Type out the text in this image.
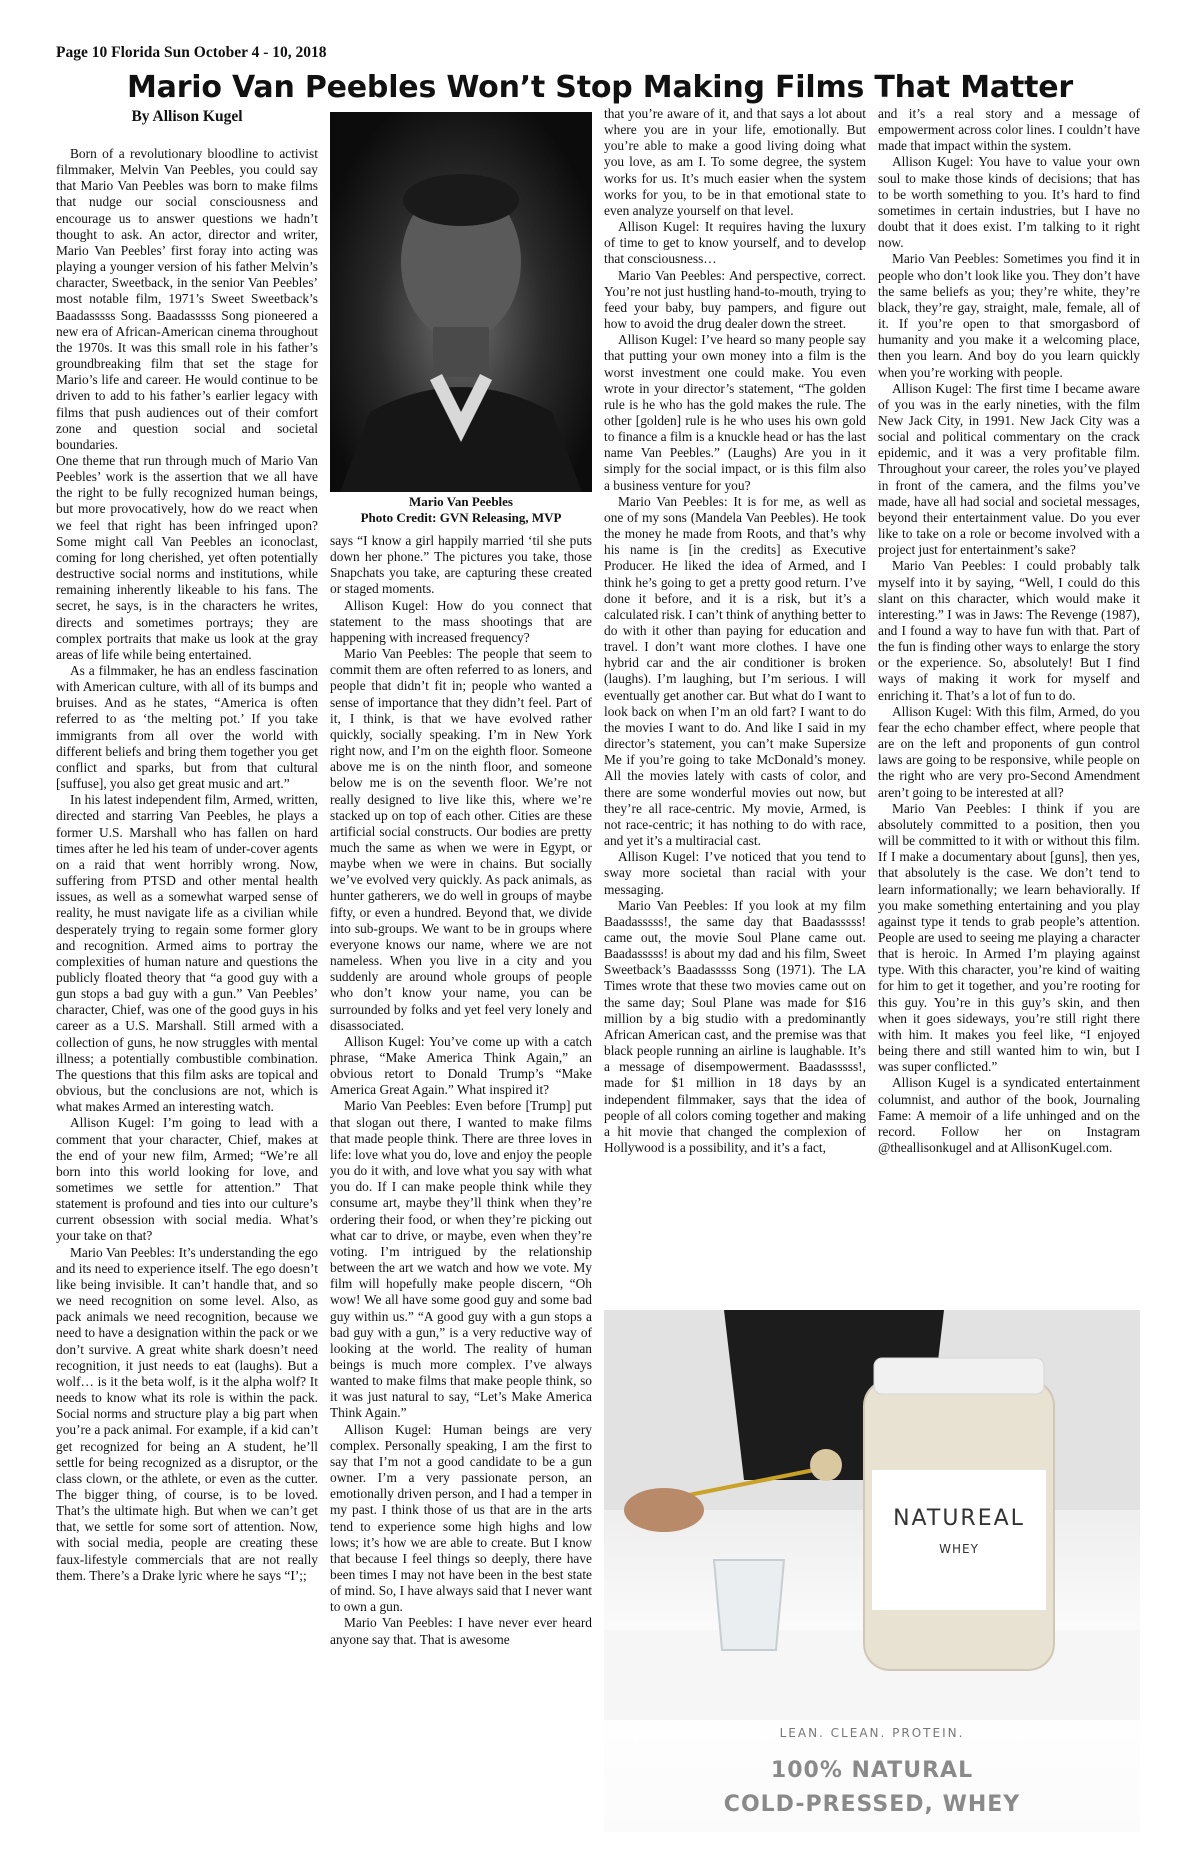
Page 10 Florida Sun October 4 - 10, 2018
Mario Van Peebles Won’t Stop Making Films That Matter
By Allison Kugel

Born of a revolutionary bloodline to activist filmmaker, Melvin Van Peebles, you could say that Mario Van Peebles was born to make films that nudge our social consciousness and encourage us to answer questions we hadn’t thought to ask. An actor, director and writer, Mario Van Peebles’ first foray into acting was playing a younger version of his father Melvin’s character, Sweetback, in the senior Van Peebles’ most notable film, 1971’s Sweet Sweetback’s Baadasssss Song. Baadasssss Song pioneered a new era of African-American cinema throughout the 1970s. It was this small role in his father’s groundbreaking film that set the stage for Mario’s life and career. He would continue to be driven to add to his father’s earlier legacy with films that push audiences out of their comfort zone and question social and societal boundaries.

One theme that run through much of Mario Van Peebles’ work is the assertion that we all have the right to be fully recognized human beings, but more provocatively, how do we react when we feel that right has been infringed upon? Some might call Van Peebles an iconoclast, coming for long cherished, yet often potentially destructive social norms and institutions, while remaining inherently likeable to his fans. The secret, he says, is in the characters he writes, directs and sometimes portrays; they are complex portraits that make us look at the gray areas of life while being entertained.

As a filmmaker, he has an endless fascination with American culture, with all of its bumps and bruises. And as he states, “America is often referred to as ‘the melting pot.’ If you take immigrants from all over the world with different beliefs and bring them together you get conflict and sparks, but from that cultural [suffuse], you also get great music and art.”

In his latest independent film, Armed, written, directed and starring Van Peebles, he plays a former U.S. Marshall who has fallen on hard times after he led his team of under-cover agents on a raid that went horribly wrong. Now, suffering from PTSD and other mental health issues, as well as a somewhat warped sense of reality, he must navigate life as a civilian while desperately trying to regain some former glory and recognition. Armed aims to portray the complexities of human nature and questions the publicly floated theory that “a good guy with a gun stops a bad guy with a gun.” Van Peebles’ character, Chief, was one of the good guys in his career as a U.S. Marshall. Still armed with a collection of guns, he now struggles with mental illness; a potentially combustible combination. The questions that this film asks are topical and obvious, but the conclusions are not, which is what makes Armed an interesting watch.

Allison Kugel: I’m going to lead with a comment that your character, Chief, makes at the end of your new film, Armed; “We’re all born into this world looking for love, and sometimes we settle for attention.” That statement is profound and ties into our culture’s current obsession with social media. What’s your take on that?

Mario Van Peebles: It’s understanding the ego and its need to experience itself. The ego doesn’t like being invisible. It can’t handle that, and so we need recognition on some level. Also, as pack animals we need recognition, because we need to have a designation within the pack or we don’t survive. A great white shark doesn’t need recognition, it just needs to eat (laughs). But a wolf… is it the beta wolf, is it the alpha wolf? It needs to know what its role is within the pack. Social norms and structure play a big part when you’re a pack animal. For example, if a kid can’t get recognized for being an A student, he’ll settle for being recognized as a disruptor, or the class clown, or the athlete, or even as the cutter. The bigger thing, of course, is to be loved. That’s the ultimate high. But when we can’t get that, we settle for some sort of attention. Now, with social media, people are creating these faux-lifestyle commercials that are not really them. There’s a Drake lyric where he says “I’;;

Mario Van Peebles
Photo Credit: GVN Releasing, MVP

says “I know a girl happily married ‘til she puts down her phone.” The pictures you take, those Snapchats you take, are capturing these created or staged moments.

Allison Kugel: How do you connect that statement to the mass shootings that are happening with increased frequency?

Mario Van Peebles: The people that seem to commit them are often referred to as loners, and people that didn’t fit in; people who wanted a sense of importance that they didn’t feel. Part of it, I think, is that we have evolved rather quickly, socially speaking. I’m in New York right now, and I’m on the eighth floor. Someone above me is on the ninth floor, and someone below me is on the seventh floor. We’re not really designed to live like this, where we’re stacked up on top of each other. Cities are these artificial social constructs. Our bodies are pretty much the same as when we were in Egypt, or maybe when we were in chains. But socially we’ve evolved very quickly. As pack animals, as hunter gatherers, we do well in groups of maybe fifty, or even a hundred. Beyond that, we divide into sub-groups. We want to be in groups where everyone knows our name, where we are not nameless. When you live in a city and you suddenly are around whole groups of people who don’t know your name, you can be surrounded by folks and yet feel very lonely and disassociated.

Allison Kugel: You’ve come up with a catch phrase, “Make America Think Again,” an obvious retort to Donald Trump’s “Make America Great Again.” What inspired it?

Mario Van Peebles: Even before [Trump] put that slogan out there, I wanted to make films that made people think. There are three loves in life: love what you do, love and enjoy the people you do it with, and love what you say with what you do. If I can make people think while they consume art, maybe they’ll think when they’re ordering their food, or when they’re picking out what car to drive, or maybe, even when they’re voting. I’m intrigued by the relationship between the art we watch and how we vote. My film will hopefully make people discern, “Oh wow! We all have some good guy and some bad guy within us.” “A good guy with a gun stops a bad guy with a gun,” is a very reductive way of looking at the world. The reality of human beings is much more complex. I’ve always wanted to make films that make people think, so it was just natural to say, “Let’s Make America Think Again.”

Allison Kugel: Human beings are very complex. Personally speaking, I am the first to say that I’m not a good candidate to be a gun owner. I’m a very passionate person, an emotionally driven person, and I had a temper in my past. I think those of us that are in the arts tend to experience some high highs and low lows; it’s how we are able to create. But I know that because I feel things so deeply, there have been times I may not have been in the best state of mind. So, I have always said that I never want to own a gun.

Mario Van Peebles: I have never ever heard anyone say that. That is awesome

that you’re aware of it, and that says a lot about where you are in your life, emotionally. But you’re able to make a good living doing what you love, as am I. To some degree, the system works for us. It’s much easier when the system works for you, to be in that emotional state to even analyze yourself on that level.

Allison Kugel: It requires having the luxury of time to get to know yourself, and to develop that consciousness…

Mario Van Peebles: And perspective, correct. You’re not just hustling hand-to-mouth, trying to feed your baby, buy pampers, and figure out how to avoid the drug dealer down the street.

Allison Kugel: I’ve heard so many people say that putting your own money into a film is the worst investment one could make. You even wrote in your director’s statement, “The golden rule is he who has the gold makes the rule. The other [golden] rule is he who uses his own gold to finance a film is a knuckle head or has the last name Van Peebles.” (Laughs) Are you in it simply for the social impact, or is this film also a business venture for you?

Mario Van Peebles: It is for me, as well as one of my sons (Mandela Van Peebles). He took the money he made from Roots, and that’s why his name is [in the credits] as Executive Producer. He liked the idea of Armed, and I think he’s going to get a pretty good return. I’ve done it before, and it is a risk, but it’s a calculated risk. I can’t think of anything better to do with it other than paying for education and travel. I don’t want more clothes. I have one hybrid car and the air conditioner is broken (laughs). I’m laughing, but I’m serious. I will eventually get another car. But what do I want to look back on when I’m an old fart? I want to do the movies I want to do. And like I said in my director’s statement, you can’t make Supersize Me if you’re going to take McDonald’s money. All the movies lately with casts of color, and there are some wonderful movies out now, but they’re all race-centric. My movie, Armed, is not race-centric; it has nothing to do with race, and yet it’s a multiracial cast.

Allison Kugel: I’ve noticed that you tend to sway more societal than racial with your messaging.

Mario Van Peebles: If you look at my film Baadasssss!, the same day that Baadasssss! came out, the movie Soul Plane came out. Baadasssss! is about my dad and his film, Sweet Sweetback’s Baadasssss Song (1971). The LA Times wrote that these two movies came out on the same day; Soul Plane was made for $16 million by a big studio with a predominantly African American cast, and the premise was that black people running an airline is laughable. It’s a message of disempowerment. Baadasssss!, made for $1 million in 18 days by an independent filmmaker, says that the idea of people of all colors coming together and making a hit movie that changed the complexion of Hollywood is a possibility, and it’s a fact,

and it’s a real story and a message of empowerment across color lines. I couldn’t have made that impact within the system.

Allison Kugel: You have to value your own soul to make those kinds of decisions; that has to be worth something to you. It’s hard to find sometimes in certain industries, but I have no doubt that it does exist. I’m talking to it right now.

Mario Van Peebles: Sometimes you find it in people who don’t look like you. They don’t have the same beliefs as you; they’re white, they’re black, they’re gay, straight, male, female, all of it. If you’re open to that smorgasbord of humanity and you make it a welcoming place, then you learn. And boy do you learn quickly when you’re working with people.

Allison Kugel: The first time I became aware of you was in the early nineties, with the film New Jack City, in 1991. New Jack City was a social and political commentary on the crack epidemic, and it was a very profitable film. Throughout your career, the roles you’ve played in front of the camera, and the films you’ve made, have all had social and societal messages, beyond their entertainment value. Do you ever like to take on a role or become involved with a project just for entertainment’s sake?

Mario Van Peebles: I could probably talk myself into it by saying, “Well, I could do this slant on this character, which would make it interesting.” I was in Jaws: The Revenge (1987), and I found a way to have fun with that. Part of the fun is finding other ways to enlarge the story or the experience. So, absolutely! But I find ways of making it work for myself and enriching it. That’s a lot of fun to do.

Allison Kugel: With this film, Armed, do you fear the echo chamber effect, where people that are on the left and proponents of gun control laws are going to be responsive, while people on the right who are very pro-Second Amendment aren’t going to be interested at all?

Mario Van Peebles: I think if you are absolutely committed to a position, then you will be committed to it with or without this film. If I make a documentary about [guns], then yes, that absolutely is the case. We don’t tend to learn informationally; we learn behaviorally. If you make something entertaining and you play against type it tends to grab people’s attention. People are used to seeing me playing a character that is heroic. In Armed I’m playing against type. With this character, you’re kind of waiting for him to get it together, and you’re rooting for this guy. You’re in this guy’s skin, and then when it goes sideways, you’re still right there with him. It makes you feel like, “I enjoyed being there and still wanted him to win, but I was super conflicted.”

Allison Kugel is a syndicated entertainment columnist, and author of the book, Journaling Fame: A memoir of a life unhinged and on the record. Follow her on Instagram @theallisonkugel and at AllisonKugel.com.

NATUREAL
WHEY
LEAN. CLEAN. PROTEIN.
100% NATURAL
COLD-PRESSED, WHEY
